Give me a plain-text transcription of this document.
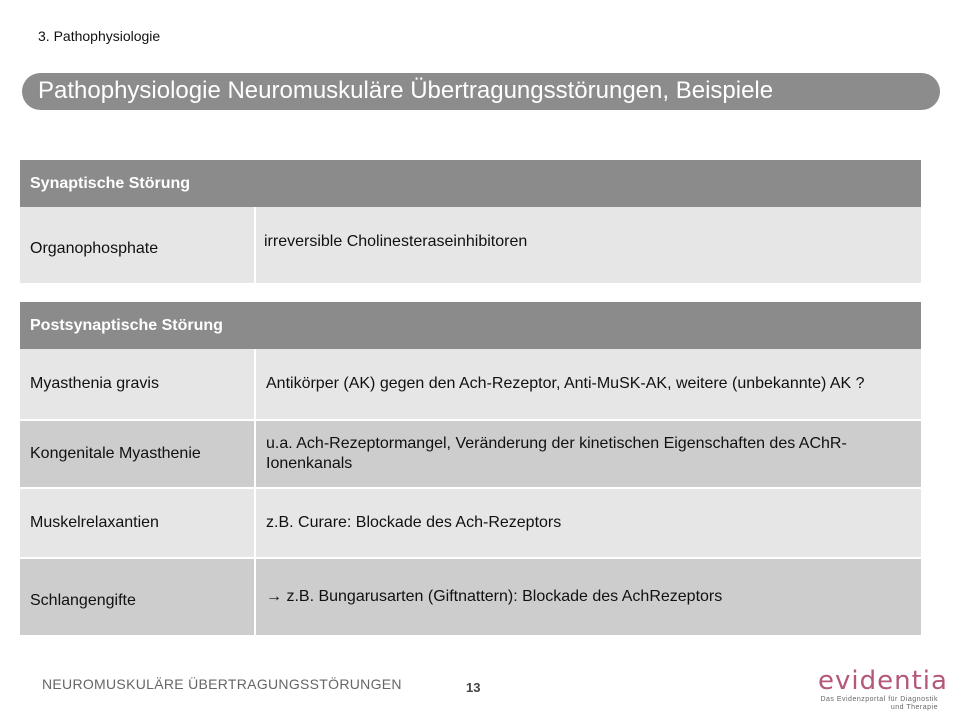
3. Pathophysiologie
Pathophysiologie Neuromuskuläre Übertragungsstörungen, Beispiele
Synaptische Störung
Organophosphate	irreversible Cholinesteraseinhibitoren
Postsynaptische Störung	
Myasthenia gravis	Antikörper (AK) gegen den Ach-Rezeptor, Anti-MuSK-AK, weitere (unbekannte) AK ?
Kongenitale Myasthenie	u.a. Ach-Rezeptormangel, Veränderung der kinetischen Eigenschaften des AChR-Ionenkanals
Muskelrelaxantien	z.B. Curare: Blockade des Ach-Rezeptors
Schlangengifte	→ z.B. Bungarusarten (Giftnattern): Blockade des AchRezeptors
NEUROMUSKULÄRE ÜBERTRAGUNGSSTÖRUNGEN	13	evidentia
Das Evidenzportal für Diagnostik
und Therapie
